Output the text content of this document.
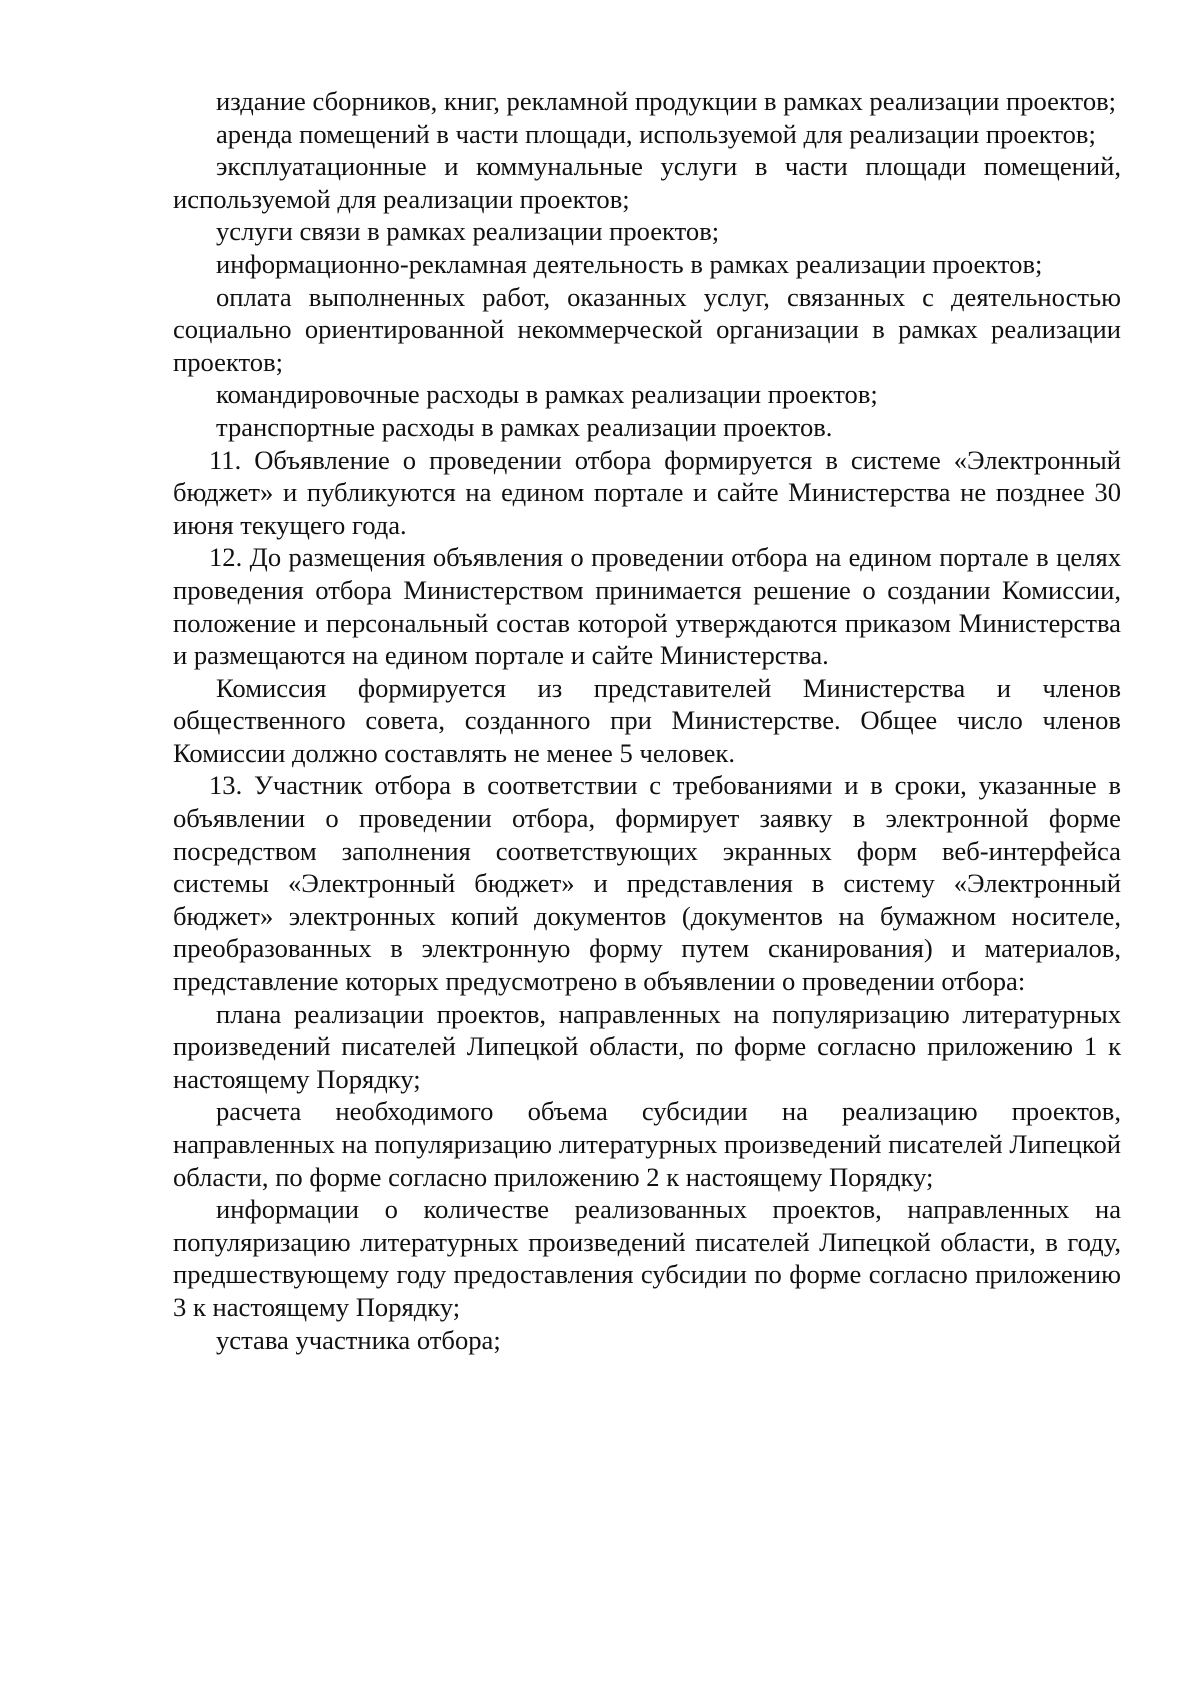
издание сборников, книг, рекламной продукции в рамках реализации проектов;

аренда помещений в части площади, используемой для реализации проектов;

эксплуатационные и коммунальные услуги в части площади помещений, используемой для реализации проектов;

услуги связи в рамках реализации проектов;

информационно-рекламная деятельность в рамках реализации проектов;

оплата выполненных работ, оказанных услуг, связанных с деятельностью социально ориентированной некоммерческой организации в рамках реализации проектов;

командировочные расходы в рамках реализации проектов;

транспортные расходы в рамках реализации проектов.

11. Объявление о проведении отбора формируется в системе «Электронный бюджет» и публикуются на едином портале и сайте Министерства не позднее 30 июня текущего года.

12. До размещения объявления о проведении отбора на едином портале в целях проведения отбора Министерством принимается решение о создании Комиссии, положение и персональный состав которой утверждаются приказом Министерства и размещаются на едином портале и сайте Министерства.

Комиссия формируется из представителей Министерства и членов общественного совета, созданного при Министерстве. Общее число членов Комиссии должно составлять не менее 5 человек.

13. Участник отбора в соответствии с требованиями и в сроки, указанные в объявлении о проведении отбора, формирует заявку в электронной форме посредством заполнения соответствующих экранных форм веб-интерфейса системы «Электронный бюджет» и представления в систему «Электронный бюджет» электронных копий документов (документов на бумажном носителе, преобразованных в электронную форму путем сканирования) и материалов, представление которых предусмотрено в объявлении о проведении отбора:

плана реализации проектов, направленных на популяризацию литературных произведений писателей Липецкой области, по форме согласно приложению 1 к настоящему Порядку;

расчета необходимого объема субсидии на реализацию проектов, направленных на популяризацию литературных произведений писателей Липецкой области, по форме согласно приложению 2 к настоящему Порядку;

информации о количестве реализованных проектов, направленных на популяризацию литературных произведений писателей Липецкой области, в году, предшествующему году предоставления субсидии по форме согласно приложению 3 к настоящему Порядку;

устава участника отбора;
